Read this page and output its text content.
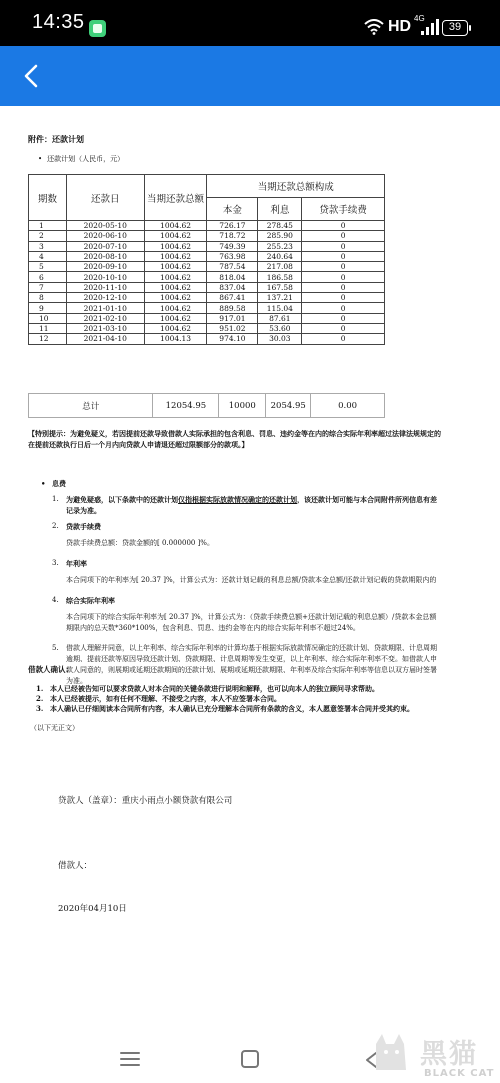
14:35	HD 4G
39
附件：还款计划
• 还款计划（人民币，元）
期数	还款日	当期还款总额	当期还款总额构成		
			本金	利息	贷款手续费
1	2020-05-10	1004.62	726.17	278.45	0
2	2020-06-10	1004.62	718.72	285.90	0
3	2020-07-10	1004.62	749.39	255.23	0
4	2020-08-10	1004.62	763.98	240.64	0
5	2020-09-10	1004.62	787.54	217.08	0
6	2020-10-10	1004.62	818.04	186.58	0
7	2020-11-10	1004.62	837.04	167.58	0
8	2020-12-10	1004.62	867.41	137.21	0
9	2021-01-10	1004.62	889.58	115.04	0
10	2021-02-10	1004.62	917.01	87.61	0
11	2021-03-10	1004.62	951.02	53.60	0
12	2021-04-10	1004.13	974.10	30.03	0
总计	12054.95	10000	2054.95	0.00
【特别提示：为避免疑义，若因提前还款导致借款人实际承担的包含利息、罚息、违约金等在内的综合实际年利率超过法律法规规定的
在提前还款执行日后一个月内向贷款人申请退还超过限额部分的款项。】
• 息费
1. 为避免疑惑，以下条款中的还款计划仅指根据实际放款情况确定的还款计划，该还款计划可能与本合同附件所列信息有差
记录为准。
2. 贷款手续费
贷款手续费总额：贷款金额的[ 0.000000 ]%。
3. 年利率
本合同项下的年利率为[ 20.37 ]%，计算公式为：还款计划记载的利息总额/贷款本金总额/还款计划记载的贷款期限内的
4. 综合实际年利率
本合同项下的综合实际年利率为[ 20.37 ]%，计算公式为：（贷款手续费总额+还款计划记载的利息总额）/贷款本金总额
期限内的总天数*360*100%，包含利息、罚息、违约金等在内的综合实际年利率不超过24%。
5. 借款人理解并同意，以上年利率、综合实际年利率的计算均基于根据实际放款情况确定的还款计划、贷款期限、计息周期
逾期、提前还款等原因导致还款计划、贷款期限、计息周期等发生变更，以上年利率、综合实际年利率不变。如借款人申
款人同意的，则展期或延期还款期间的还款计划、展期或延期还款期限、年利率及综合实际年利率等信息以双方届时签署
为准。
借款人确认：
1. 本人已经被告知可以要求贷款人对本合同的关键条款进行说明和解释，也可以向本人的独立顾问寻求帮助。
2. 本人已经被提示，如有任何不理解、不接受之内容，本人不应签署本合同。
3. 本人确认已仔细阅读本合同所有内容，本人确认已充分理解本合同所有条款的含义，本人愿意签署本合同并受其约束。
（以下无正文）
贷款人（盖章）：重庆小雨点小额贷款有限公司
借款人：
2020年04月10日
黑猫
BLACK CAT
